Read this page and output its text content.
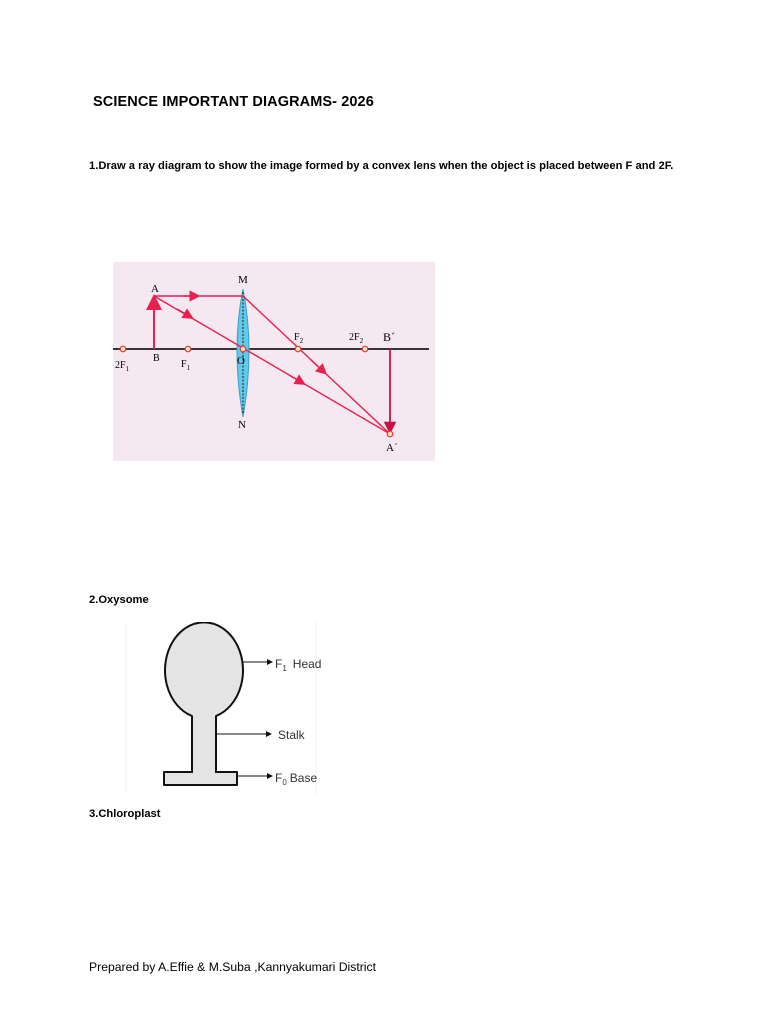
SCIENCE IMPORTANT DIAGRAMS- 2026
1.Draw a ray diagram to show the image formed by a convex lens when the object is placed between F and 2F.
A
B
M
N
O
$2F_1$	$F_1$
$F_2$	$2F_2$ B´
A´
2.Oxysome
$F_1$ Head
Stalk
$F_0$ Base
3.Chloroplast
Prepared by A.Effie & M.Suba ,Kannyakumari District
